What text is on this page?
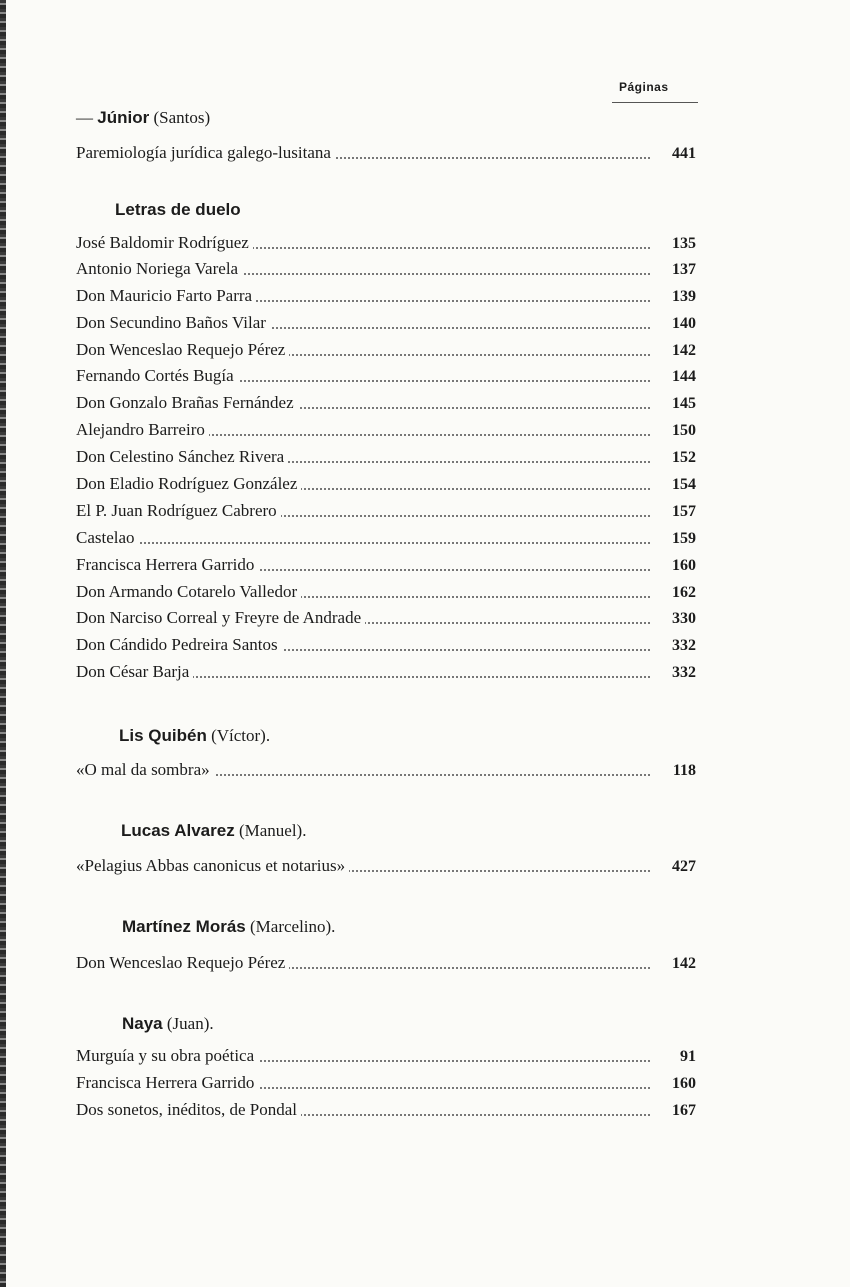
Páginas
— Júnior (Santos)
Paremiología jurídica galego-lusitana	441
Letras de duelo
José Baldomir Rodríguez	135
Antonio Noriega Varela	137
Don Mauricio Farto Parra	139
Don Secundino Baños Vilar	140
Don Wenceslao Requejo Pérez	142
Fernando Cortés Bugía	144
Don Gonzalo Brañas Fernández	145
Alejandro Barreiro	150
Don Celestino Sánchez Rivera	152
Don Eladio Rodríguez González	154
El P. Juan Rodríguez Cabrero	157
Castelao	159
Francisca Herrera Garrido	160
Don Armando Cotarelo Valledor	162
Don Narciso Correal y Freyre de Andrade	330
Don Cándido Pedreira Santos	332
Don César Barja	332
Lis Quibén (Víctor).
«O mal da sombra»	118
Lucas Alvarez (Manuel).
«Pelagius Abbas canonicus et notarius»	427
Martínez Morás (Marcelino).
Don Wenceslao Requejo Pérez	142
Naya (Juan).
Murguía y su obra poética	91
Francisca Herrera Garrido	160
Dos sonetos, inéditos, de Pondal	167
